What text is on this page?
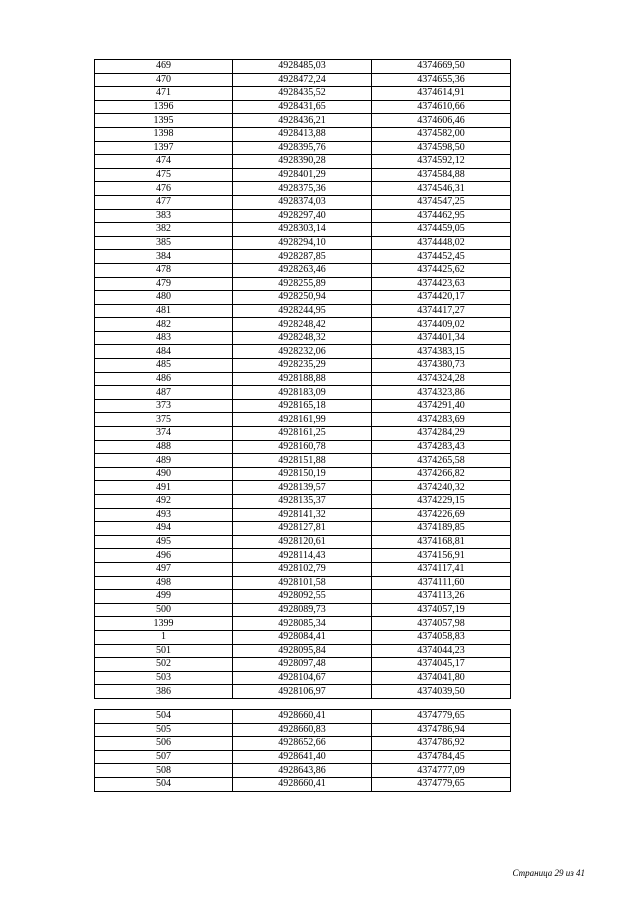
469	4928485,03	4374669,50
470	4928472,24	4374655,36
471	4928435,52	4374614,91
1396	4928431,65	4374610,66
1395	4928436,21	4374606,46
1398	4928413,88	4374582,00
1397	4928395,76	4374598,50
474	4928390,28	4374592,12
475	4928401,29	4374584,88
476	4928375,36	4374546,31
477	4928374,03	4374547,25
383	4928297,40	4374462,95
382	4928303,14	4374459,05
385	4928294,10	4374448,02
384	4928287,85	4374452,45
478	4928263,46	4374425,62
479	4928255,89	4374423,63
480	4928250,94	4374420,17
481	4928244,95	4374417,27
482	4928248,42	4374409,02
483	4928248,32	4374401,34
484	4928232,06	4374383,15
485	4928235,29	4374380,73
486	4928188,88	4374324,28
487	4928183,09	4374323,86
373	4928165,18	4374291,40
375	4928161,99	4374283,69
374	4928161,25	4374284,29
488	4928160,78	4374283,43
489	4928151,88	4374265,58
490	4928150,19	4374266,82
491	4928139,57	4374240,32
492	4928135,37	4374229,15
493	4928141,32	4374226,69
494	4928127,81	4374189,85
495	4928120,61	4374168,81
496	4928114,43	4374156,91
497	4928102,79	4374117,41
498	4928101,58	4374111,60
499	4928092,55	4374113,26
500	4928089,73	4374057,19
1399	4928085,34	4374057,98
1	4928084,41	4374058,83
501	4928095,84	4374044,23
502	4928097,48	4374045,17
503	4928104,67	4374041,80
386	4928106,97	4374039,50
504	4928660,41	4374779,65
505	4928660,83	4374786,94
506	4928652,66	4374786,92
507	4928641,40	4374784,45
508	4928643,86	4374777,09
504	4928660,41	4374779,65
Страница 29 из 41
